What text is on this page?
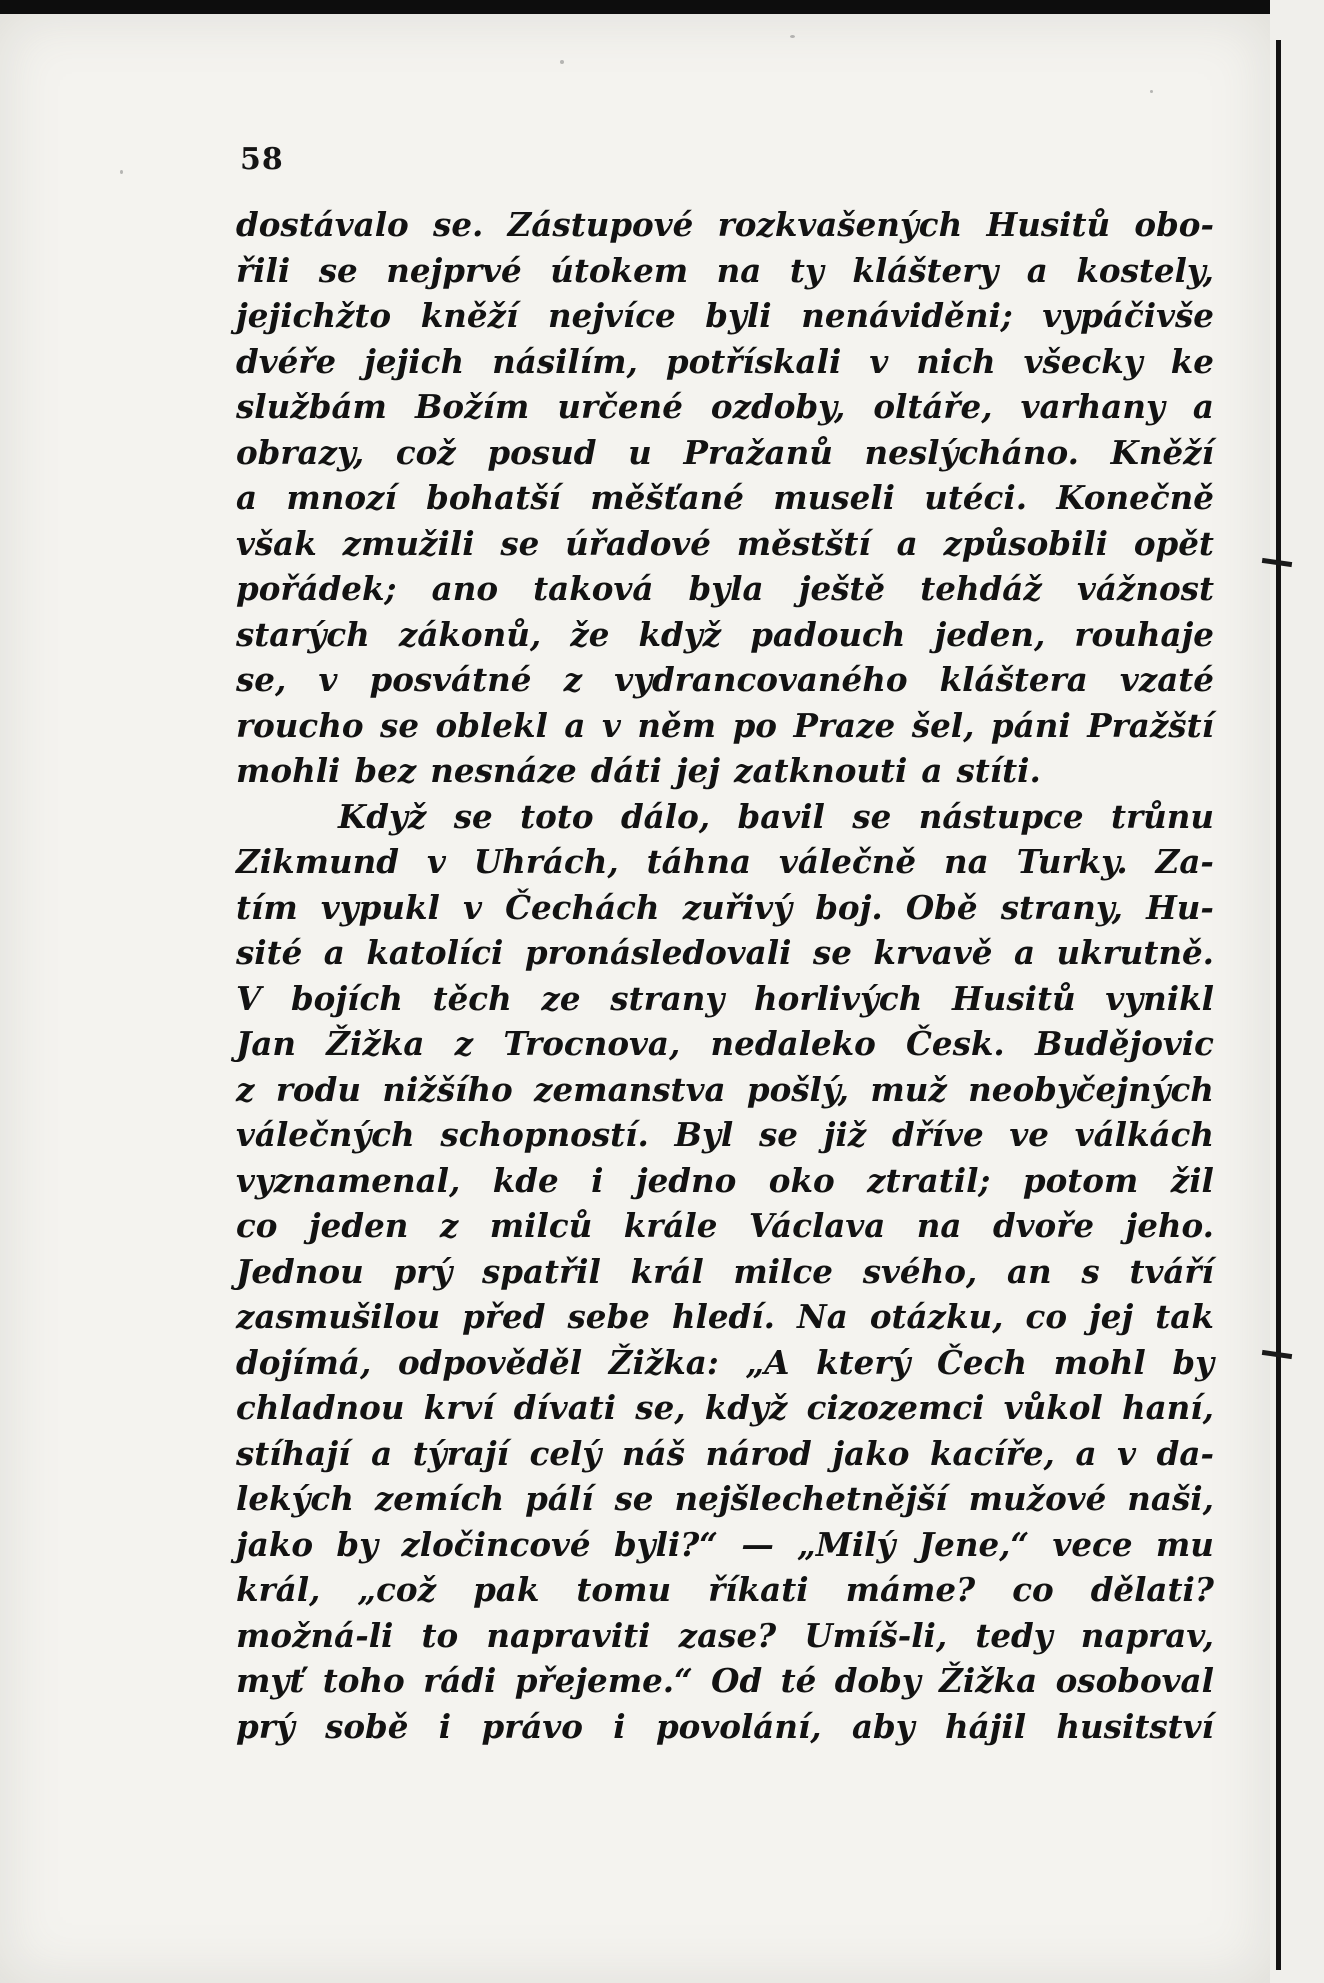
58
dostávalo se. Zástupové rozkvašených Husitů obo-
řili se nejprvé útokem na ty kláštery a kostely,
jejichžto kněží nejvíce byli nenáviděni; vypáčivše
dvéře jejich násilím, potřískali v nich všecky ke
službám Božím určené ozdoby, oltáře, varhany a
obrazy, což posud u Pražanů neslýcháno. Kněží
a mnozí bohatší měšťané museli utéci. Konečně
však zmužili se úřadové městští a způsobili opět
pořádek; ano taková byla ještě tehdáž vážnost
starých zákonů, že když padouch jeden, rouhaje
se, v posvátné z vydrancovaného kláštera vzaté
roucho se oblekl a v něm po Praze šel, páni Pražští
mohli bez nesnáze dáti jej zatknouti a stíti.
Když se toto dálo, bavil se nástupce trůnu
Zikmund v Uhrách, táhna válečně na Turky. Za-
tím vypukl v Čechách zuřivý boj. Obě strany, Hu-
sité a katolíci pronásledovali se krvavě a ukrutně.
V bojích těch ze strany horlivých Husitů vynikl
Jan Žižka z Trocnova, nedaleko Česk. Budějovic
z rodu nižšího zemanstva pošlý, muž neobyčejných
válečných schopností. Byl se již dříve ve válkách
vyznamenal, kde i jedno oko ztratil; potom žil
co jeden z milců krále Václava na dvoře jeho.
Jednou prý spatřil král milce svého, an s tváří
zasmušilou před sebe hledí. Na otázku, co jej tak
dojímá, odpověděl Žižka: „A který Čech mohl by
chladnou krví dívati se, když cizozemci vůkol haní,
stíhají a týrají celý náš národ jako kacíře, a v da-
lekých zemích pálí se nejšlechetnější mužové naši,
jako by zločincové byli?“ — „Milý Jene,“ vece mu
král, „což pak tomu říkati máme? co dělati?
možná-li to napraviti zase? Umíš-li, tedy naprav,
myť toho rádi přejeme.“ Od té doby Žižka osoboval
prý sobě i právo i povolání, aby hájil husitství
